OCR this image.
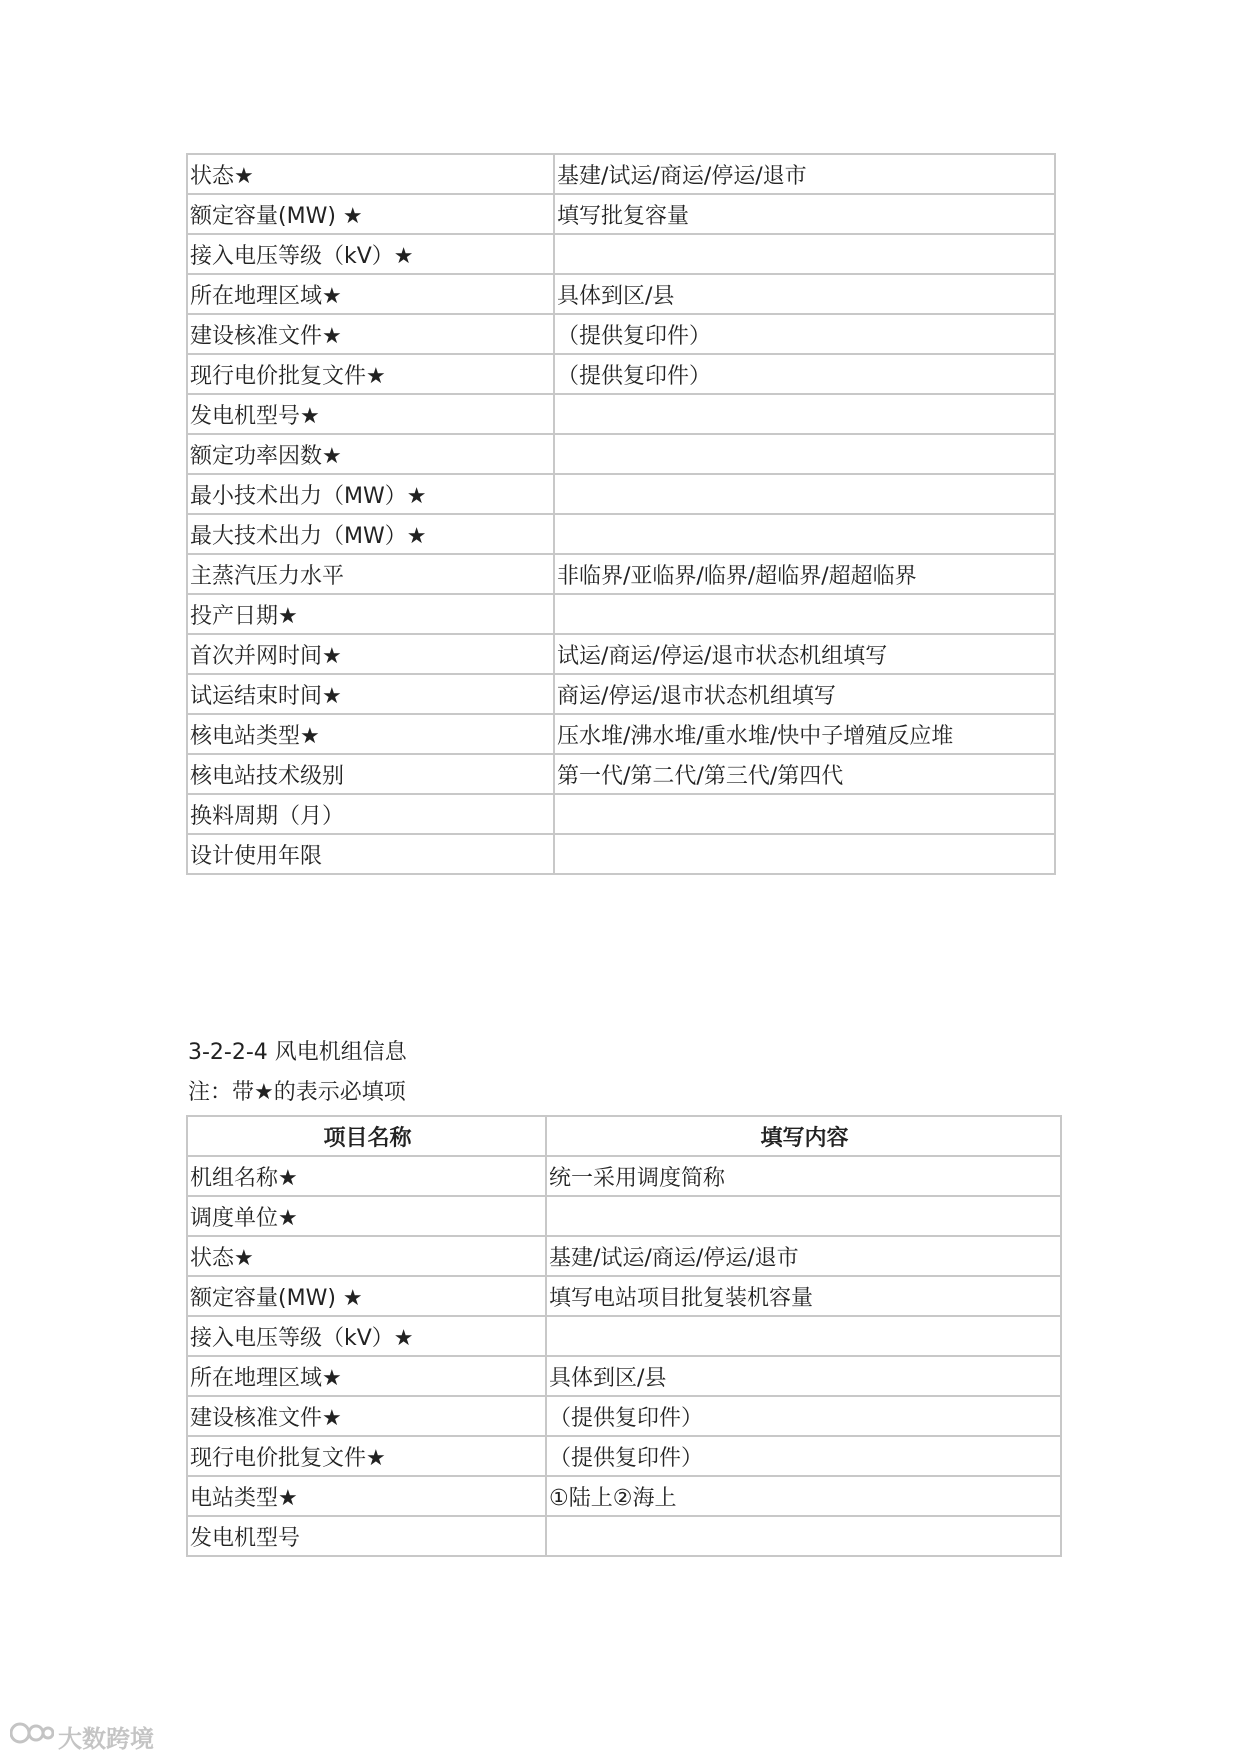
状态★	基建/试运/商运/停运/退市
额定容量(MW) ★	填写批复容量
接入电压等级（kV）★	
所在地理区域★	具体到区/县
建设核准文件★	（提供复印件）
现行电价批复文件★	（提供复印件）
发电机型号★	
额定功率因数★	
最小技术出力（MW）★	
最大技术出力（MW）★	
主蒸汽压力水平	非临界/亚临界/临界/超临界/超超临界
投产日期★	
首次并网时间★	试运/商运/停运/退市状态机组填写
试运结束时间★	商运/停运/退市状态机组填写
核电站类型★	压水堆/沸水堆/重水堆/快中子增殖反应堆
核电站技术级别	第一代/第二代/第三代/第四代
换料周期（月）	
设计使用年限	
3-2-2-4 风电机组信息
注：带★的表示必填项
项目名称	填写内容
机组名称★	统一采用调度简称
调度单位★	
状态★	基建/试运/商运/停运/退市
额定容量(MW) ★	填写电站项目批复装机容量
接入电压等级（kV）★	
所在地理区域★	具体到区/县
建设核准文件★	（提供复印件）
现行电价批复文件★	（提供复印件）
电站类型★	①陆上②海上
发电机型号	
大数跨境
